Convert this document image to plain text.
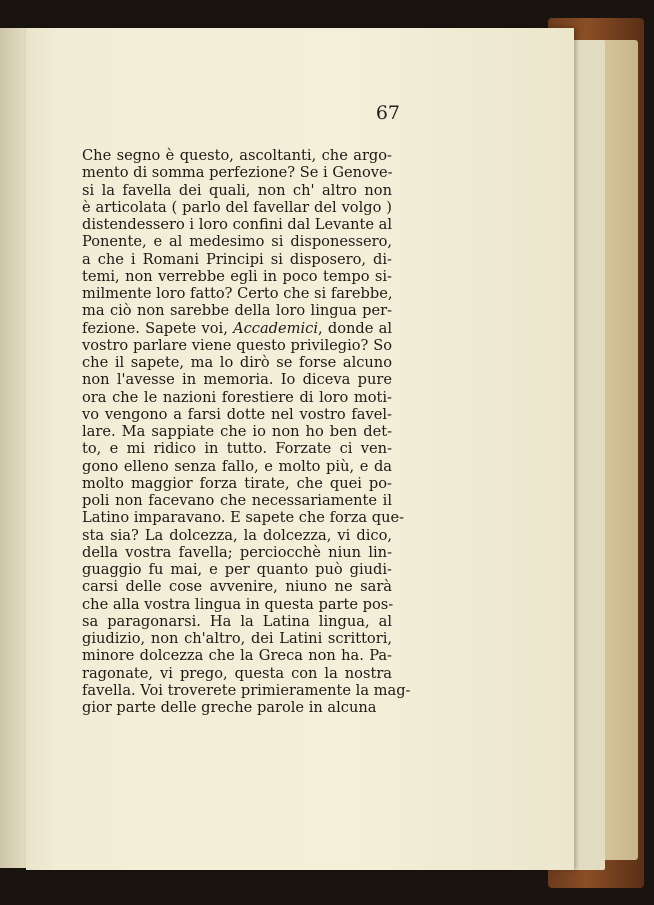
67
Che segno è questo, ascoltanti, che argo-
mento di somma perfezione? Se i Genove-
si la favella dei quali, non ch' altro non
è articolata ( parlo del favellar del volgo )
distendessero i loro confini dal Levante al
Ponente, e al medesimo si disponessero,
a che i Romani Principi si disposero, di-
temi, non verrebbe egli in poco tempo si-
milmente loro fatto? Certo che si farebbe,
ma ciò non sarebbe della loro lingua per-
fezione. Sapete voi, Accademici, donde al
vostro parlare viene questo privilegio? So
che il sapete, ma lo dirò se forse alcuno
non l'avesse in memoria. Io diceva pure
ora che le nazioni forestiere di loro moti-
vo vengono a farsi dotte nel vostro favel-
lare. Ma sappiate che io non ho ben det-
to, e mi ridico in tutto. Forzate ci ven-
gono elleno senza fallo, e molto più, e da
molto maggior forza tirate, che quei po-
poli non facevano che necessariamente il
Latino imparavano. E sapete che forza que-
sta sia? La dolcezza, la dolcezza, vi dico,
della vostra favella; perciocchè niun lin-
guaggio fu mai, e per quanto può giudi-
carsi delle cose avvenire, niuno ne sarà
che alla vostra lingua in questa parte pos-
sa paragonarsi. Ha la Latina lingua, al
giudizio, non ch'altro, dei Latini scrittori,
minore dolcezza che la Greca non ha. Pa-
ragonate, vi prego, questa con la nostra
favella. Voi troverete primieramente la mag-
gior parte delle greche parole in alcuna
